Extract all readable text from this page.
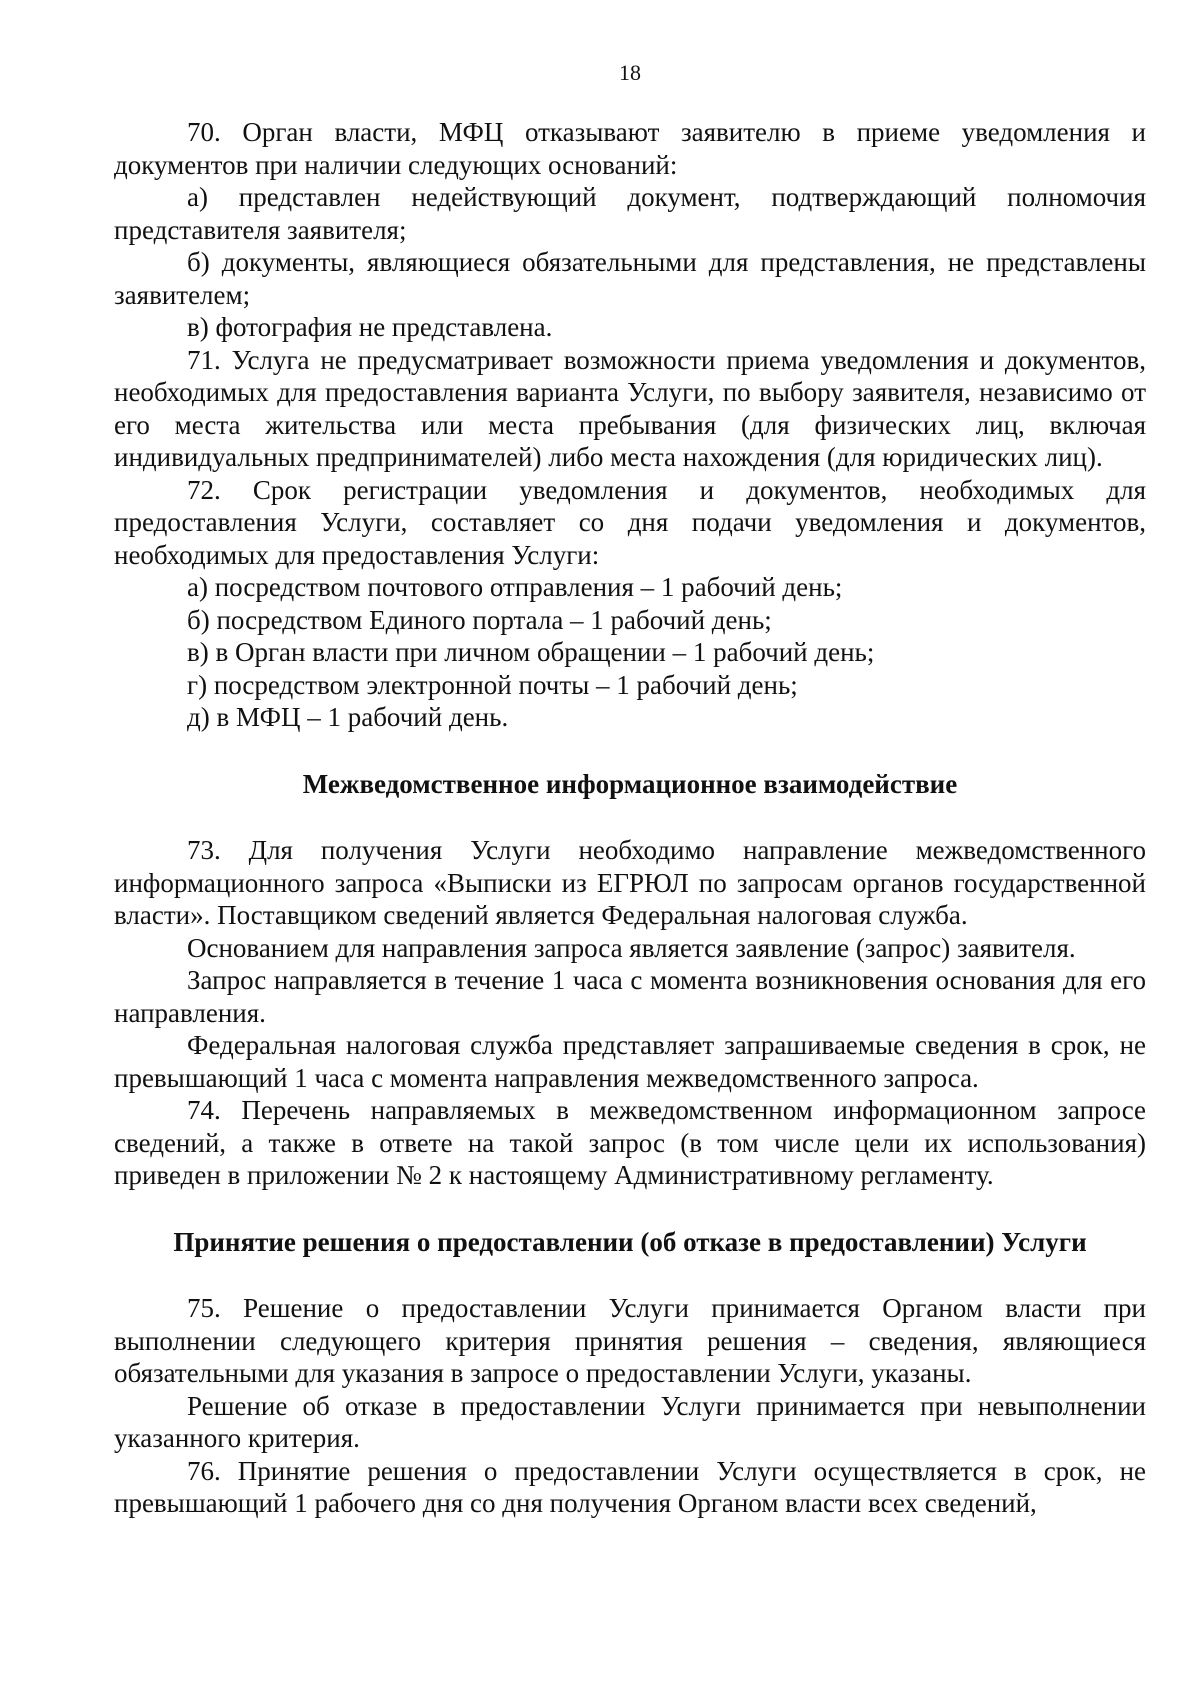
18

70. Орган власти, МФЦ отказывают заявителю в приеме уведомления и документов при наличии следующих оснований:

а) представлен недействующий документ, подтверждающий полномочия представителя заявителя;

б) документы, являющиеся обязательными для представления, не представлены заявителем;

в) фотография не представлена.

71. Услуга не предусматривает возможности приема уведомления и документов, необходимых для предоставления варианта Услуги, по выбору заявителя, независимо от его места жительства или места пребывания (для физических лиц, включая индивидуальных предпринимателей) либо места нахождения (для юридических лиц).

72. Срок регистрации уведомления и документов, необходимых для предоставления Услуги, составляет со дня подачи уведомления и документов, необходимых для предоставления Услуги:

а) посредством почтового отправления – 1 рабочий день;

б) посредством Единого портала – 1 рабочий день;

в) в Орган власти при личном обращении – 1 рабочий день;

г) посредством электронной почты – 1 рабочий день;

д) в МФЦ – 1 рабочий день.

Межведомственное информационное взаимодействие

73. Для получения Услуги необходимо направление межведомственного информационного запроса «Выписки из ЕГРЮЛ по запросам органов государственной власти». Поставщиком сведений является Федеральная налоговая служба.

Основанием для направления запроса является заявление (запрос) заявителя.

Запрос направляется в течение 1 часа с момента возникновения основания для его направления.

Федеральная налоговая служба представляет запрашиваемые сведения в срок, не превышающий 1 часа с момента направления межведомственного запроса.

74. Перечень направляемых в межведомственном информационном запросе сведений, а также в ответе на такой запрос (в том числе цели их использования) приведен в приложении № 2 к настоящему Административному регламенту.

Принятие решения о предоставлении (об отказе в предоставлении) Услуги

75. Решение о предоставлении Услуги принимается Органом власти при выполнении следующего критерия принятия решения – сведения, являющиеся обязательными для указания в запросе о предоставлении Услуги, указаны.

Решение об отказе в предоставлении Услуги принимается при невыполнении указанного критерия.

76. Принятие решения о предоставлении Услуги осуществляется в срок, не превышающий 1 рабочего дня со дня получения Органом власти всех сведений,
